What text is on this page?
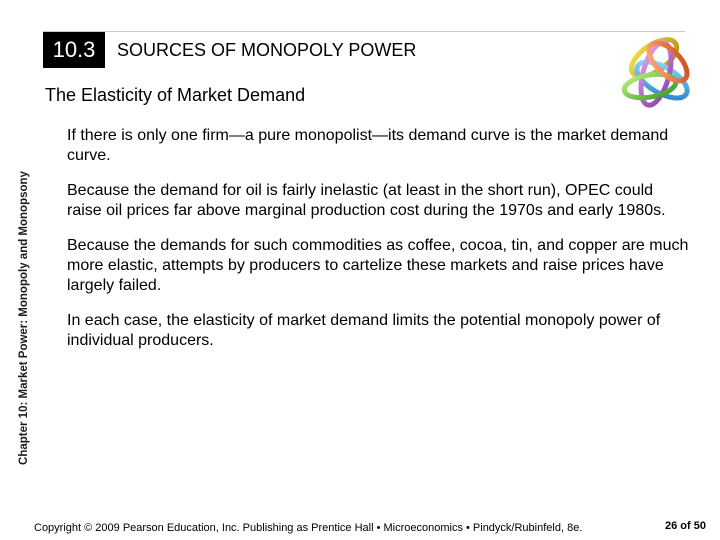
10.3	SOURCES OF MONOPOLY POWER
The Elasticity of Market Demand
Chapter 10: Market Power: Monopoly and Monopsony
If there is only one firm—a pure monopolist—its demand curve is the market demand curve.
Because the demand for oil is fairly inelastic (at least in the short run), OPEC could raise oil prices far above marginal production cost during the 1970s and early 1980s.
Because the demands for such commodities as coffee, cocoa, tin, and copper are much more elastic, attempts by producers to cartelize these markets and raise prices have largely failed.
In each case, the elasticity of market demand limits the potential monopoly power of individual producers.
Copyright © 2009 Pearson Education, Inc. Publishing as Prentice Hall • Microeconomics • Pindyck/Rubinfeld, 8e.	26 of 50
